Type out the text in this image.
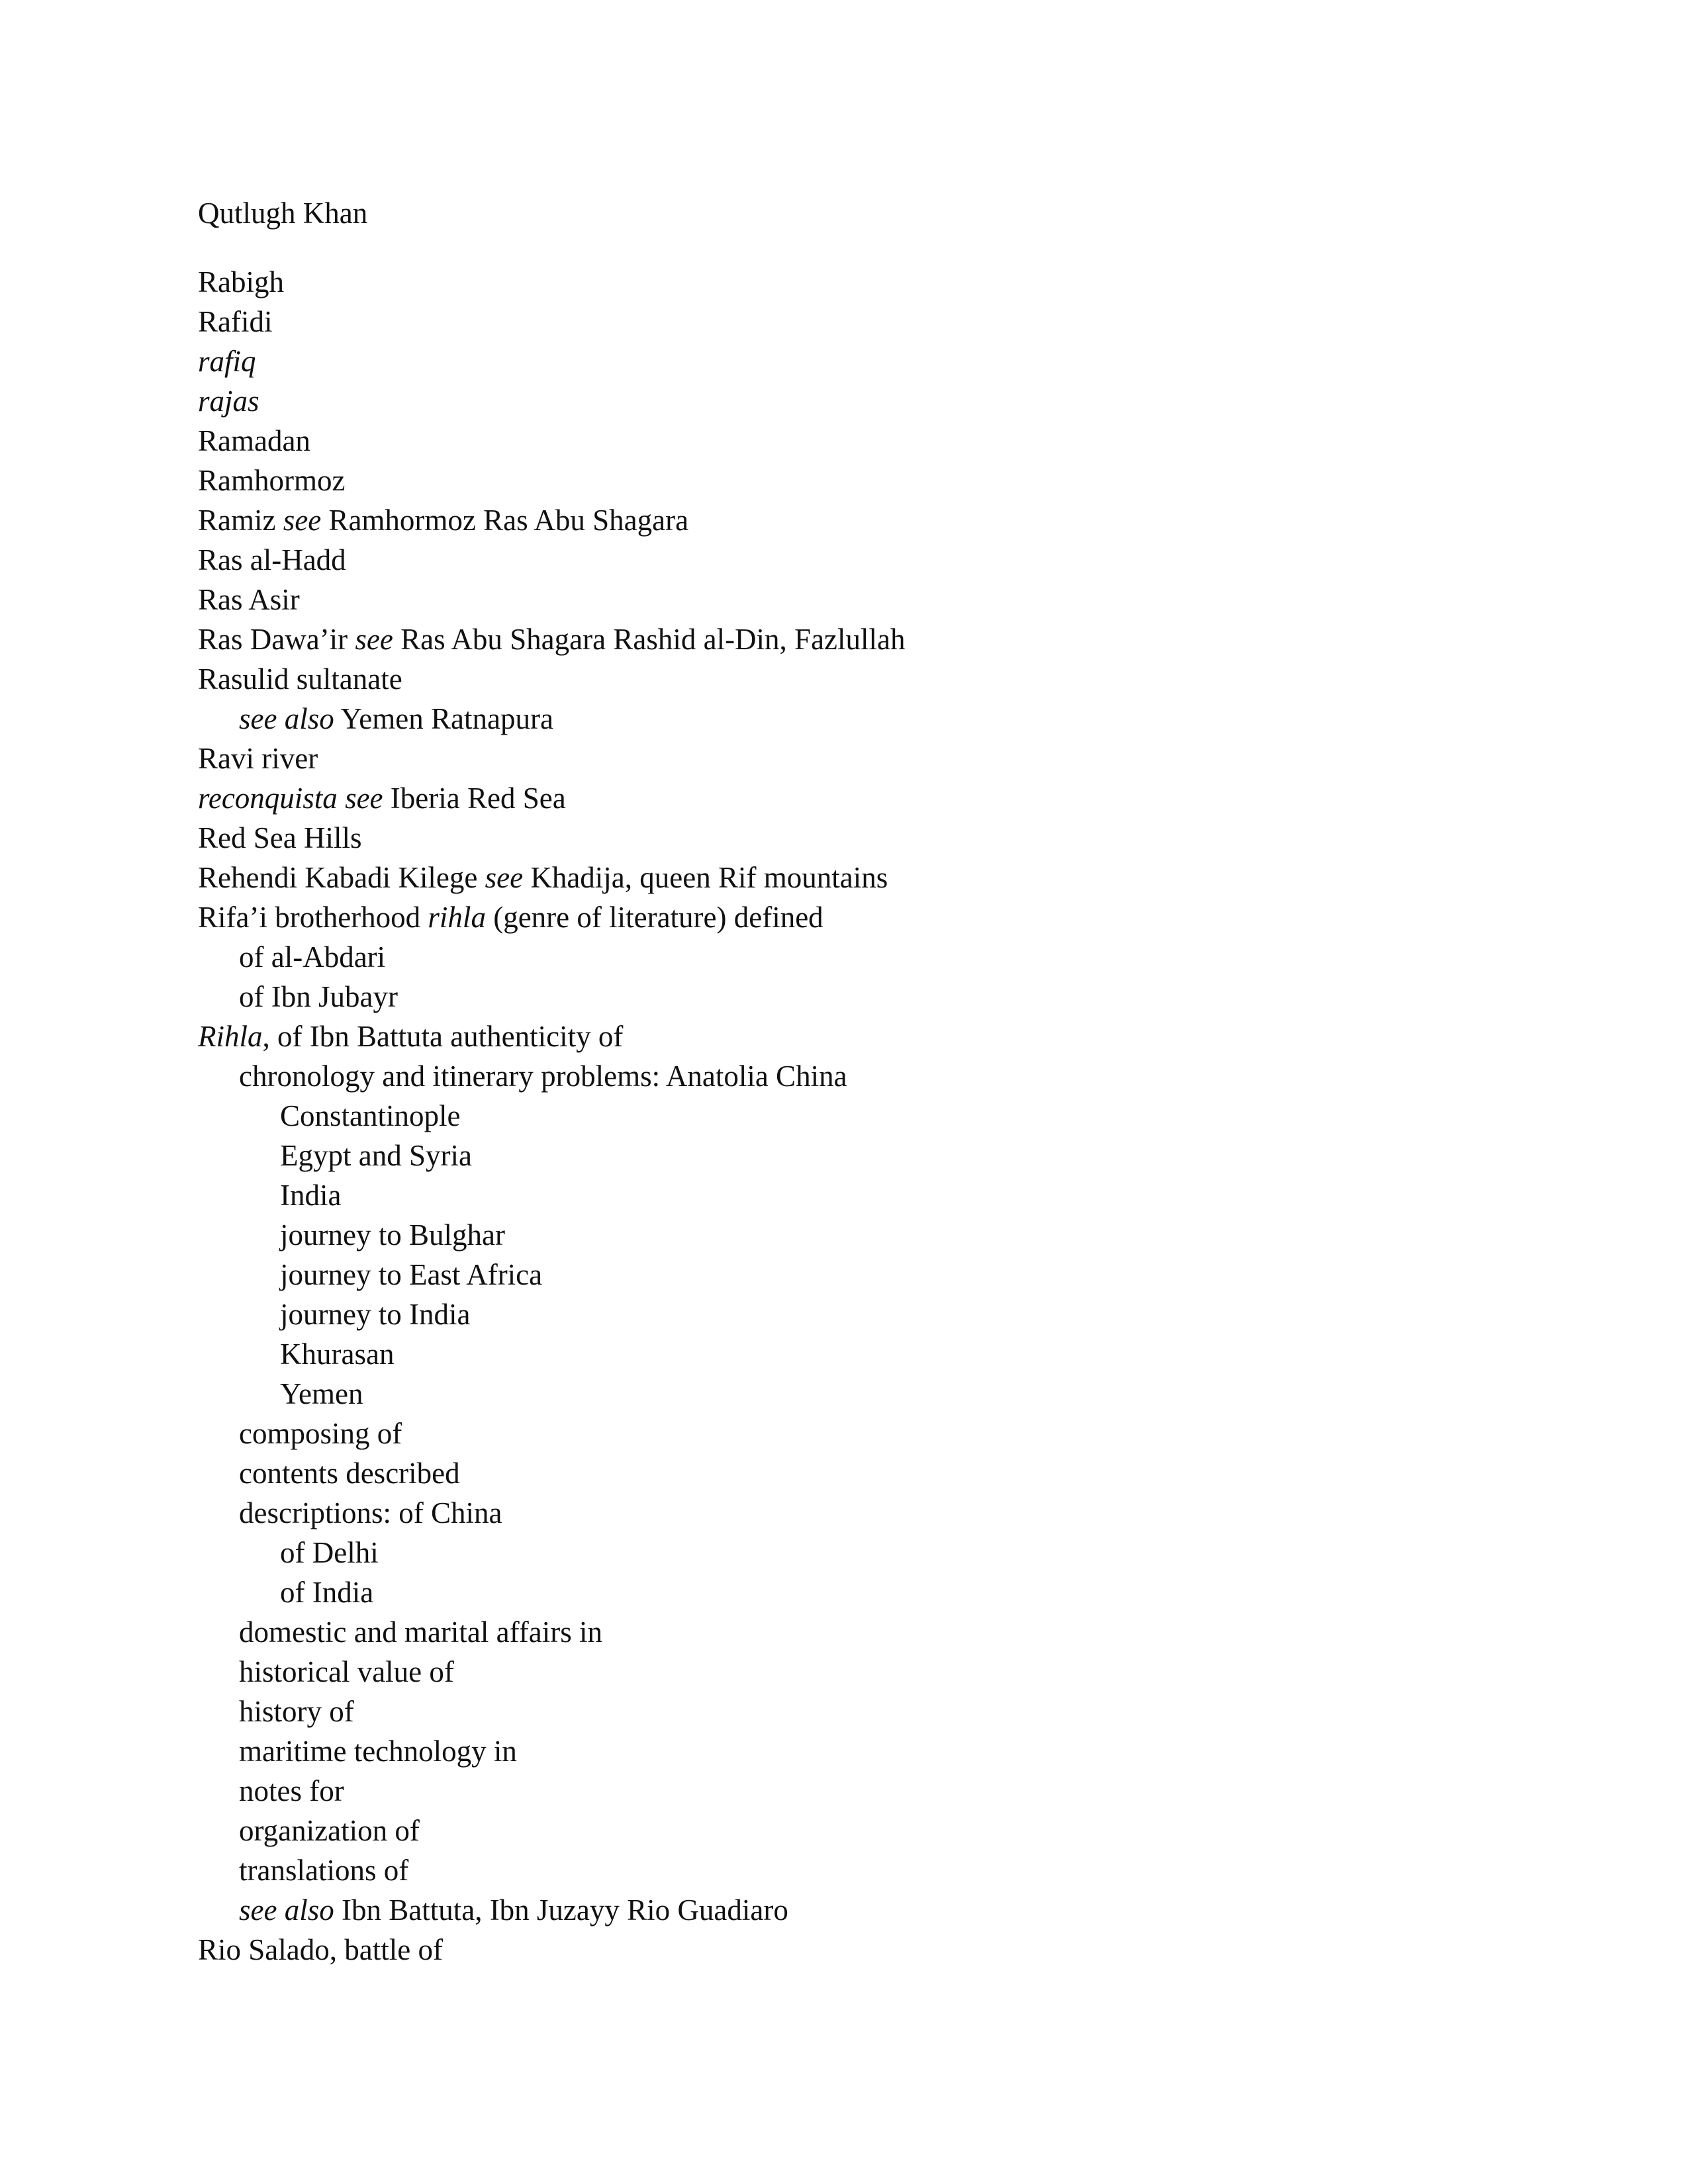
Qutlugh Khan
Rabigh
Rafidi
rafiq
rajas
Ramadan
Ramhormoz
Ramiz see Ramhormoz Ras Abu Shagara
Ras al-Hadd
Ras Asir
Ras Dawa’ir see Ras Abu Shagara Rashid al-Din, Fazlullah
Rasulid sultanate
see also Yemen Ratnapura
Ravi river
reconquista see Iberia Red Sea
Red Sea Hills
Rehendi Kabadi Kilege see Khadija, queen Rif mountains
Rifa’i brotherhood rihla (genre of literature) defined
of al-Abdari
of Ibn Jubayr
Rihla, of Ibn Battuta authenticity of
chronology and itinerary problems: Anatolia China
Constantinople
Egypt and Syria
India
journey to Bulghar
journey to East Africa
journey to India
Khurasan
Yemen
composing of
contents described
descriptions: of China
of Delhi
of India
domestic and marital affairs in
historical value of
history of
maritime technology in
notes for
organization of
translations of
see also Ibn Battuta, Ibn Juzayy Rio Guadiaro
Rio Salado, battle of
